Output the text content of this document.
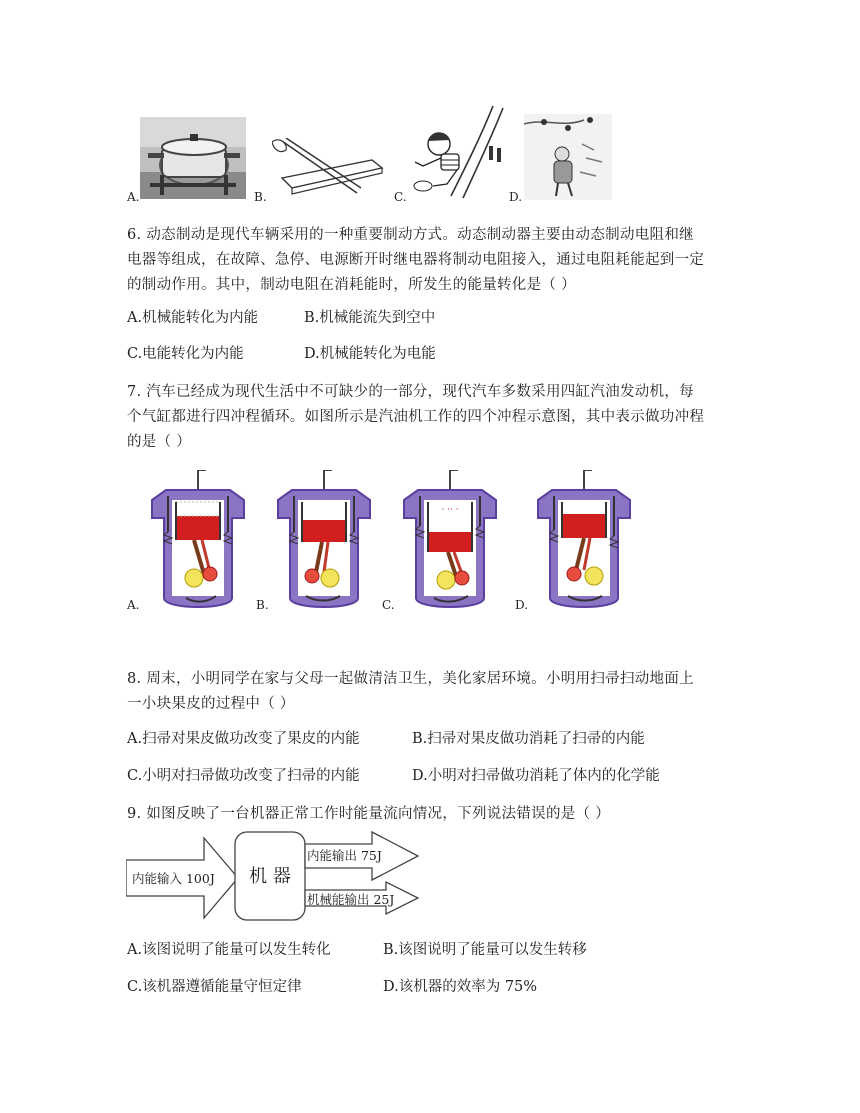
A.	B.	C.	D.
6. 动态制动是现代车辆采用的一种重要制动方式。动态制动器主要由动态制动电阻和继
电器等组成，在故障、急停、电源断开时继电器将制动电阻接入，通过电阻耗能起到一定
的制动作用。其中，制动电阻在消耗能时，所发生的能量转化是（ ）
A.机械能转化为内能	B.机械能流失到空中
C.电能转化为内能	D.机械能转化为电能
7. 汽车已经成为现代生活中不可缺少的一部分，现代汽车多数采用四缸汽油发动机，每
个气缸都进行四冲程循环。如图所示是汽油机工作的四个冲程示意图，其中表示做功冲程
的是（ ）
A.	B.
· ·· ·
C.	D.
8. 周末，小明同学在家与父母一起做清洁卫生，美化家居环境。小明用扫帚扫动地面上
一小块果皮的过程中（ ）
A.扫帚对果皮做功改变了果皮的内能	B.扫帚对果皮做功消耗了扫帚的内能
C.小明对扫帚做功改变了扫帚的内能	D.小明对扫帚做功消耗了体内的化学能
9. 如图反映了一台机器正常工作时能量流向情况，下列说法错误的是（ ）
内能输入 100J 机 器
内能输出 75J
机械能输出 25J
A.该图说明了能量可以发生转化	B.该图说明了能量可以发生转移
C.该机器遵循能量守恒定律	D.该机器的效率为 75%
